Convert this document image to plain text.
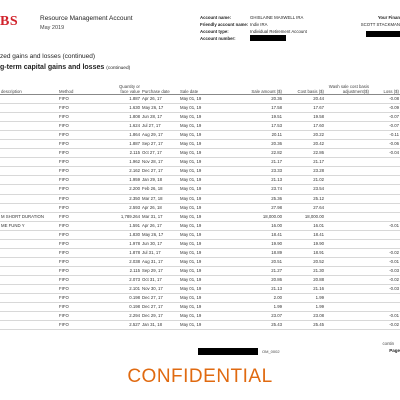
BS	Resource Management Account
May 2019
Account name:	GHISLAINE MAXWELL IRA
Friendly account name: Indiv IRA
Account type:	Individual Retirement Account
Account number:
Your Finan
SCOTT STACKMAN
zed gains and losses (continued)
g-term capital gains and losses (continued)
description	Method	Quantity or face value	Purchase date	Sale date	Sale amount ($)	Cost basis ($)	Wash sale cost basis adjustment($)	Loss ($)
	FIFO	1.887	Apr 26, 17	May 01, 19	20.36	20.44		-0.08
	FIFO	1.630	May 26, 17	May 01, 19	17.58	17.67		-0.09
	FIFO	1.808	Jun 28, 17	May 01, 19	19.51	19.58		-0.07
	FIFO	1.624	Jul 27, 17	May 01, 19	17.53	17.60		-0.07
	FIFO	1.864	Aug 29, 17	May 01, 19	20.11	20.22		-0.11
	FIFO	1.887	Sep 27, 17	May 01, 19	20.36	20.42		-0.06
	FIFO	2.115	Oct 27, 17	May 01, 19	22.82	22.86		-0.04
	FIFO	1.962	Nov 28, 17	May 01, 19	21.17	21.17		
	FIFO	2.162	Dec 27, 17	May 01, 19	23.33	23.28		
	FIFO	1.959	Jan 29, 18	May 01, 19	21.13	21.02		
	FIFO	2.200	Feb 26, 18	May 01, 19	23.74	23.54		
	FIFO	2.350	Mar 27, 18	May 01, 19	25.36	25.12		
	FIFO	2.593	Apr 26, 18	May 01, 19	27.98	27.64		
M SHORT DURATION	FIFO	1,789.264	Mar 31, 17	May 01, 19	18,000.00	18,000.00		
ME FUND Y	FIFO	1.591	Apr 26, 17	May 01, 19	16.00	16.01		-0.01
	FIFO	1.830	May 26, 17	May 01, 19	18.41	18.41		
	FIFO	1.978	Jun 30, 17	May 01, 19	19.90	19.90		
	FIFO	1.878	Jul 31, 17	May 01, 19	18.89	18.91		-0.02
	FIFO	2.038	Aug 31, 17	May 01, 19	20.51	20.52		-0.01
	FIFO	2.115	Sep 29, 17	May 01, 19	21.27	21.30		-0.03
	FIFO	2.073	Oct 31, 17	May 01, 19	20.86	20.88		-0.02
	FIFO	2.101	Nov 30, 17	May 01, 19	21.13	21.16		-0.03
	FIFO	0.198	Dec 27, 17	May 01, 19	2.00	1.99		
	FIFO	0.198	Dec 27, 17	May 01, 19	1.99	1.99		
	FIFO	2.294	Dec 29, 17	May 01, 19	23.07	23.08		-0.01
	FIFO	2.527	Jan 31, 18	May 01, 19	25.43	25.45		-0.02
contin
OM_0002	Page
CONFIDENTIAL
